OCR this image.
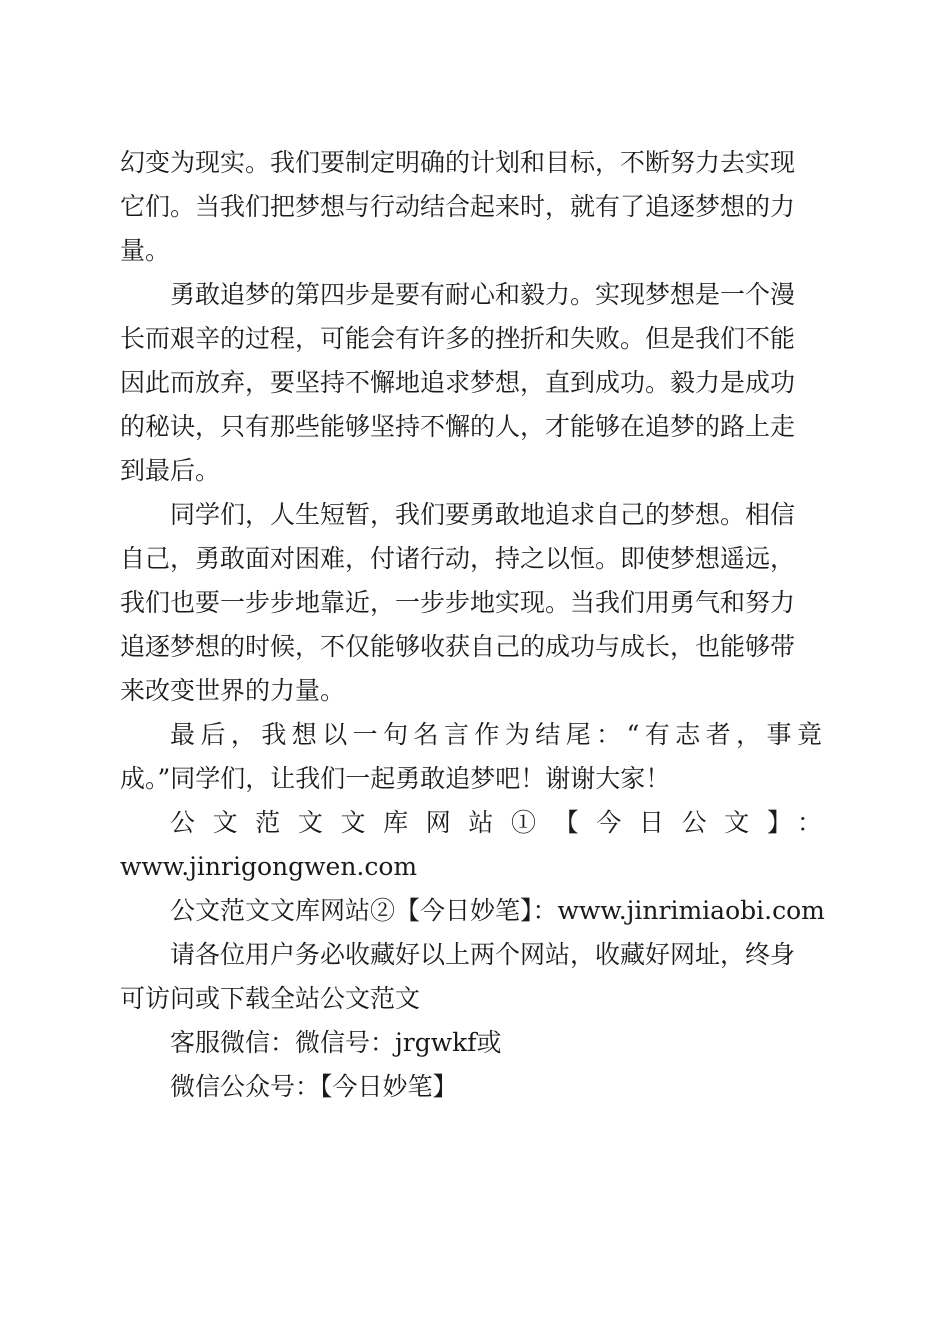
幻变为现实。我们要制定明确的计划和目标，不断努力去实现
它们。当我们把梦想与行动结合起来时，就有了追逐梦想的力
量。
勇敢追梦的第四步是要有耐心和毅力。实现梦想是一个漫
长而艰辛的过程，可能会有许多的挫折和失败。但是我们不能
因此而放弃，要坚持不懈地追求梦想，直到成功。毅力是成功
的秘诀，只有那些能够坚持不懈的人，才能够在追梦的路上走
到最后。
同学们，人生短暂，我们要勇敢地追求自己的梦想。相信
自己，勇敢面对困难，付诸行动，持之以恒。即使梦想遥远，
我们也要一步步地靠近，一步步地实现。当我们用勇气和努力
追逐梦想的时候，不仅能够收获自己的成功与成长，也能够带
来改变世界的力量。
最后，我想以一句名言作为结尾：“有志者，事竟
成。”同学们，让我们一起勇敢追梦吧！谢谢大家！
公文范文文库网站①【今日公文】：
www.jinrigongwen.com
公文范文文库网站②【今日妙笔】：www.jinrimiaobi.com
请各位用户务必收藏好以上两个网站，收藏好网址，终身
可访问或下载全站公文范文
客服微信：微信号：jrgwkf或
微信公众号：【今日妙笔】
